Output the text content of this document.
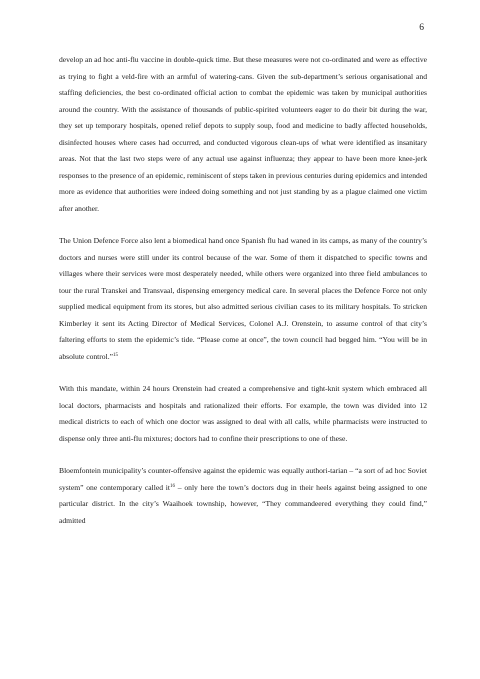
6

develop an ad hoc anti-flu vaccine in double-quick time. But these measures were not co-ordinated and were as effective as trying to fight a veld-fire with an armful of watering-cans. Given the sub-department’s serious organisational and staffing deficiencies, the best co-ordinated official action to combat the epidemic was taken by municipal authorities around the country. With the assistance of thousands of public-spirited volunteers eager to do their bit during the war, they set up temporary hospitals, opened relief depots to supply soup, food and medicine to badly affected households, disinfected houses where cases had occurred, and conducted vigorous clean-ups of what were identified as insanitary areas. Not that the last two steps were of any actual use against influenza; they appear to have been more knee-jerk responses to the presence of an epidemic, reminiscent of steps taken in previous centuries during epidemics and intended more as evidence that authorities were indeed doing something and not just standing by as a plague claimed one victim after another.

The Union Defence Force also lent a biomedical hand once Spanish flu had waned in its camps, as many of the country’s doctors and nurses were still under its control because of the war. Some of them it dispatched to specific towns and villages where their services were most desperately needed, while others were organized into three field ambulances to tour the rural Transkei and Transvaal, dispensing emergency medical care. In several places the Defence Force not only supplied medical equipment from its stores, but also admitted serious civilian cases to its military hospitals. To stricken Kimberley it sent its Acting Director of Medical Services, Colonel A.J. Orenstein, to assume control of that city’s faltering efforts to stem the epidemic’s tide. “Please come at once”, the town council had begged him. “You will be in absolute control.”$^{15}$

With this mandate, within 24 hours Orenstein had created a comprehensive and tight-knit system which embraced all local doctors, pharmacists and hospitals and rationalized their efforts. For example, the town was divided into 12 medical districts to each of which one doctor was assigned to deal with all calls, while pharmacists were instructed to dispense only three anti-flu mixtures; doctors had to confine their prescriptions to one of these.

Bloemfontein municipality’s counter-offensive against the epidemic was equally authori-tarian – “a sort of ad hoc Soviet system” one contemporary called $it^{16}$ – only here the town’s doctors dug in their heels against being assigned to one particular district. In the city’s Waaihoek township, however, “They commandeered everything they could find,” admitted
